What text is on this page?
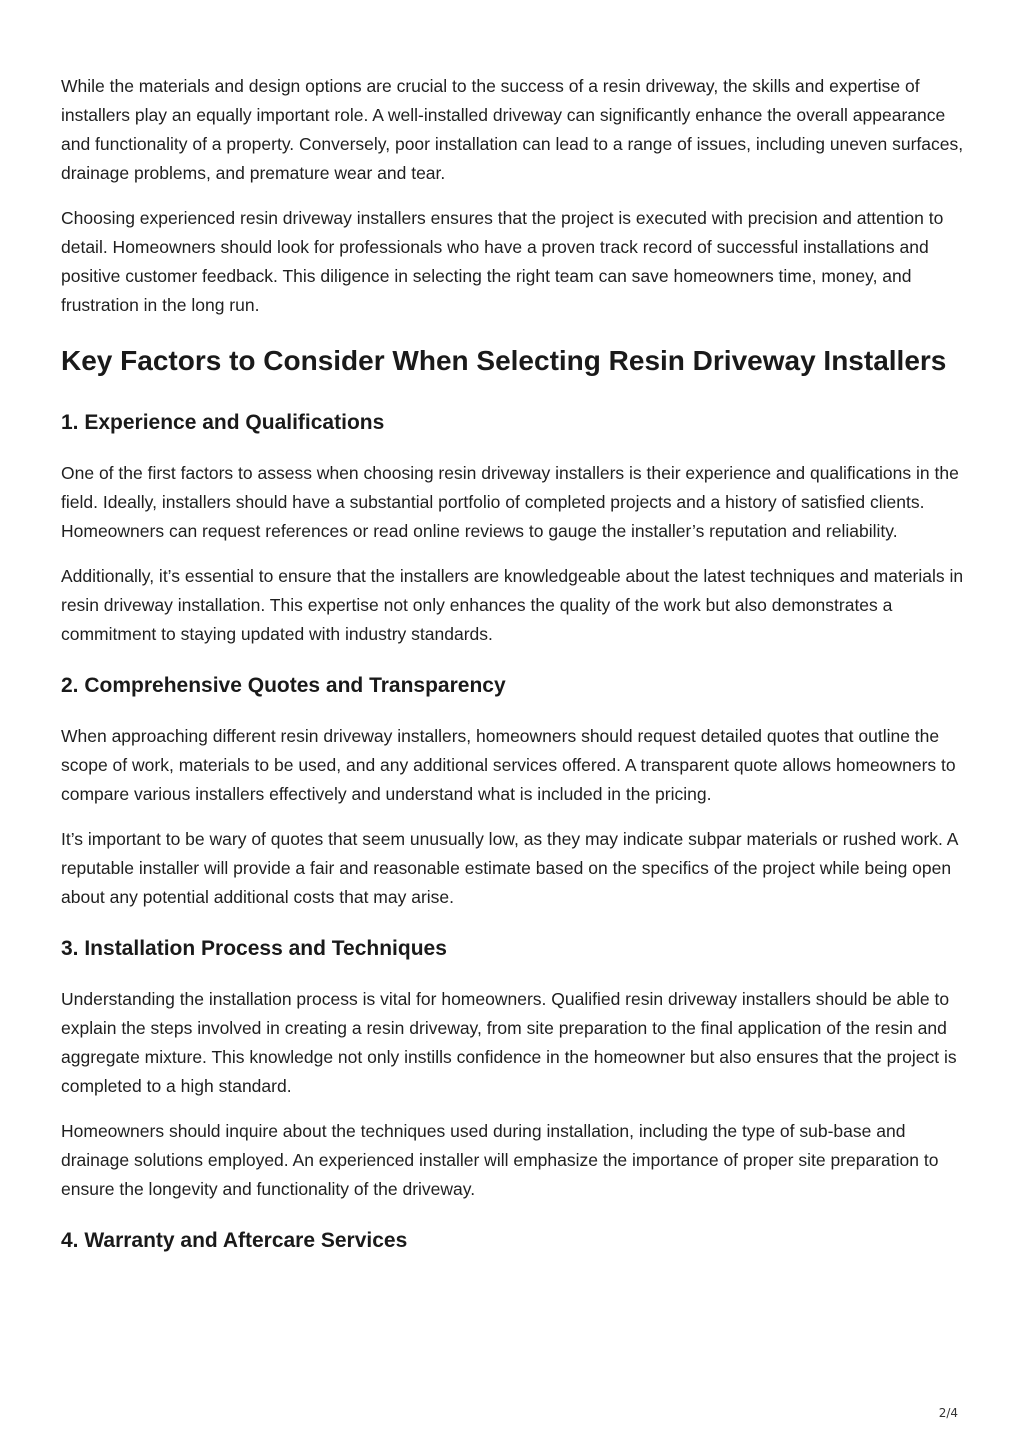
While the materials and design options are crucial to the success of a resin driveway, the skills and expertise of installers play an equally important role. A well-installed driveway can significantly enhance the overall appearance and functionality of a property. Conversely, poor installation can lead to a range of issues, including uneven surfaces, drainage problems, and premature wear and tear.

Choosing experienced resin driveway installers ensures that the project is executed with precision and attention to detail. Homeowners should look for professionals who have a proven track record of successful installations and positive customer feedback. This diligence in selecting the right team can save homeowners time, money, and frustration in the long run.

Key Factors to Consider When Selecting Resin Driveway Installers
1. Experience and Qualifications

One of the first factors to assess when choosing resin driveway installers is their experience and qualifications in the field. Ideally, installers should have a substantial portfolio of completed projects and a history of satisfied clients. Homeowners can request references or read online reviews to gauge the installer’s reputation and reliability.

Additionally, it’s essential to ensure that the installers are knowledgeable about the latest techniques and materials in resin driveway installation. This expertise not only enhances the quality of the work but also demonstrates a commitment to staying updated with industry standards.

2. Comprehensive Quotes and Transparency

When approaching different resin driveway installers, homeowners should request detailed quotes that outline the scope of work, materials to be used, and any additional services offered. A transparent quote allows homeowners to compare various installers effectively and understand what is included in the pricing.

It’s important to be wary of quotes that seem unusually low, as they may indicate subpar materials or rushed work. A reputable installer will provide a fair and reasonable estimate based on the specifics of the project while being open about any potential additional costs that may arise.

3. Installation Process and Techniques

Understanding the installation process is vital for homeowners. Qualified resin driveway installers should be able to explain the steps involved in creating a resin driveway, from site preparation to the final application of the resin and aggregate mixture. This knowledge not only instills confidence in the homeowner but also ensures that the project is completed to a high standard.

Homeowners should inquire about the techniques used during installation, including the type of sub-base and drainage solutions employed. An experienced installer will emphasize the importance of proper site preparation to ensure the longevity and functionality of the driveway.

4. Warranty and Aftercare Services
2/4
